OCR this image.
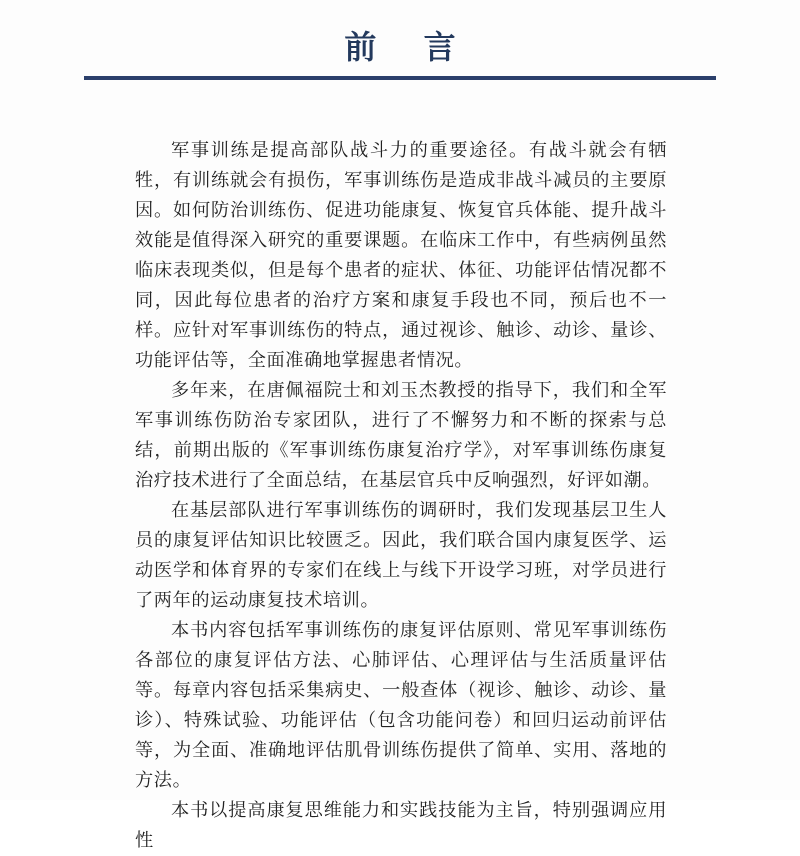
前 言

军事训练是提高部队战斗力的重要途径。有战斗就会有牺牲，有训练就会有损伤，军事训练伤是造成非战斗减员的主要原因。如何防治训练伤、促进功能康复、恢复官兵体能、提升战斗效能是值得深入研究的重要课题。在临床工作中，有些病例虽然临床表现类似，但是每个患者的症状、体征、功能评估情况都不同，因此每位患者的治疗方案和康复手段也不同，预后也不一样。应针对军事训练伤的特点，通过视诊、触诊、动诊、量诊、功能评估等，全面准确地掌握患者情况。

多年来，在唐佩福院士和刘玉杰教授的指导下，我们和全军军事训练伤防治专家团队，进行了不懈努力和不断的探索与总结，前期出版的《军事训练伤康复治疗学》，对军事训练伤康复治疗技术进行了全面总结，在基层官兵中反响强烈，好评如潮。

在基层部队进行军事训练伤的调研时，我们发现基层卫生人员的康复评估知识比较匮乏。因此，我们联合国内康复医学、运动医学和体育界的专家们在线上与线下开设学习班，对学员进行了两年的运动康复技术培训。

本书内容包括军事训练伤的康复评估原则、常见军事训练伤各部位的康复评估方法、心肺评估、心理评估与生活质量评估等。每章内容包括采集病史、一般查体（视诊、触诊、动诊、量诊）、特殊试验、功能评估（包含功能问卷）和回归运动前评估等，为全面、准确地评估肌骨训练伤提供了简单、实用、落地的方法。

本书以提高康复思维能力和实践技能为主旨，特别强调应用性
